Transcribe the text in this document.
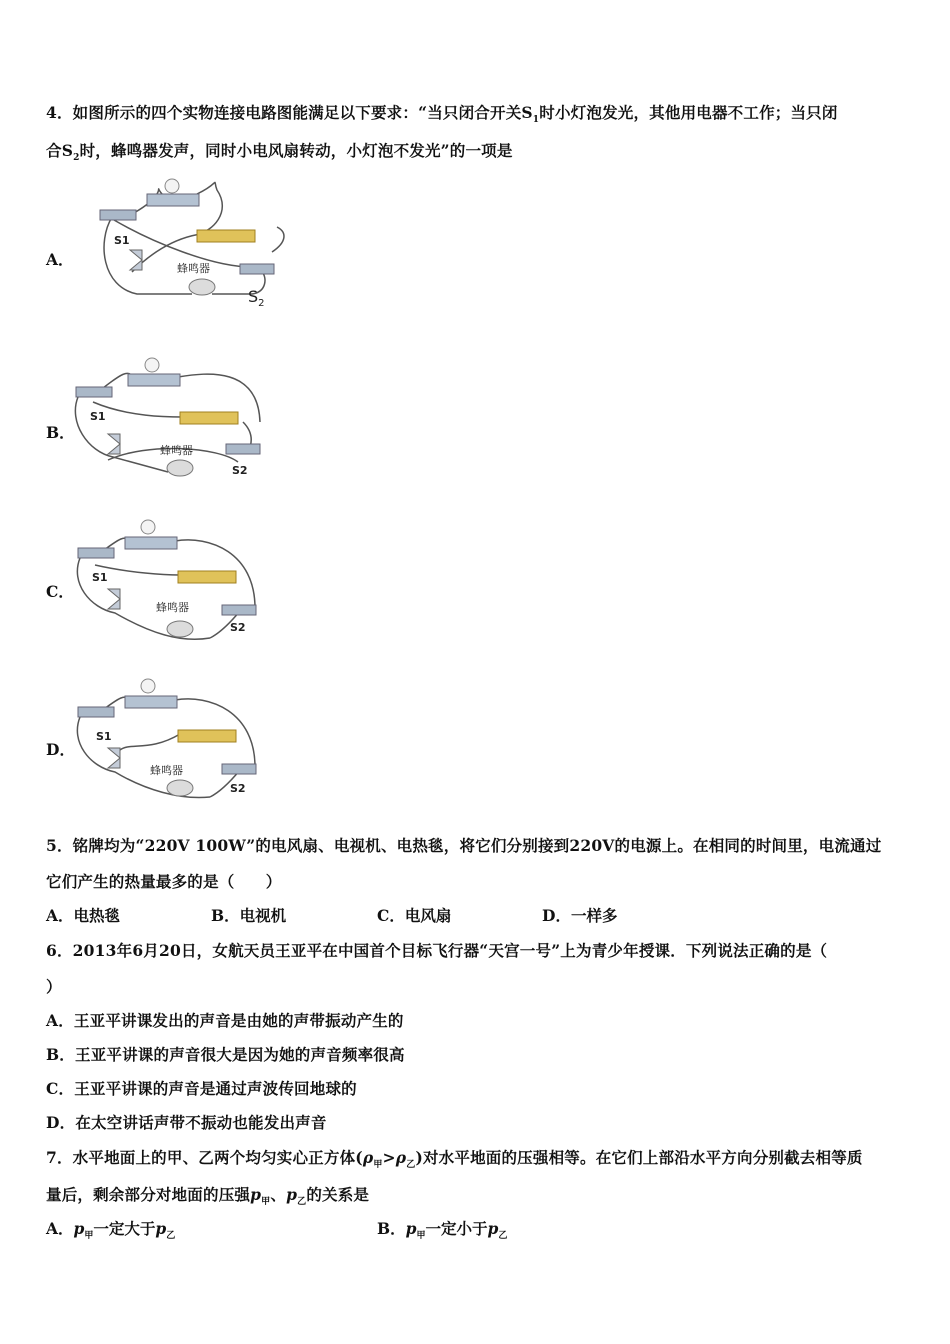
4．如图所示的四个实物连接电路图能满足以下要求：“当只闭合开关$S_1$时小灯泡发光，其他用电器不工作；当只闭
合$S_2$时，蜂鸣器发声，同时小电风扇转动，小灯泡不发光”的一项是
A．
S1
蜂鸣器
$S_2$
B．
S1
蜂鸣器
S2
C．
S1
蜂鸣器
S2
D．
S1
蜂鸣器
S2
5．铭牌均为“220V 100W”的电风扇、电视机、电热毯，将它们分别接到220V的电源上。在相同的时间里，电流通过
它们产生的热量最多的是（　　）
A．电热毯	B．电视机	C．电风扇	D．一样多
6．2013年6月20日，女航天员王亚平在中国首个目标飞行器“天宫一号”上为青少年授课．下列说法正确的是（
）
A．王亚平讲课发出的声音是由她的声带振动产生的
B．王亚平讲课的声音很大是因为她的声音频率很高
C．王亚平讲课的声音是通过声波传回地球的
D．在太空讲话声带不振动也能发出声音
7．水平地面上的甲、乙两个均匀实心正方体$(\rho_甲>\rho_乙)$对水平地面的压强相等。在它们上部沿水平方向分别截去相等质
量后，剩余部分对地面的压强$p_甲$、$p_乙$的关系是
A．$p_甲$一定大于$p_乙$	B．$p_甲$一定小于$p_乙$
